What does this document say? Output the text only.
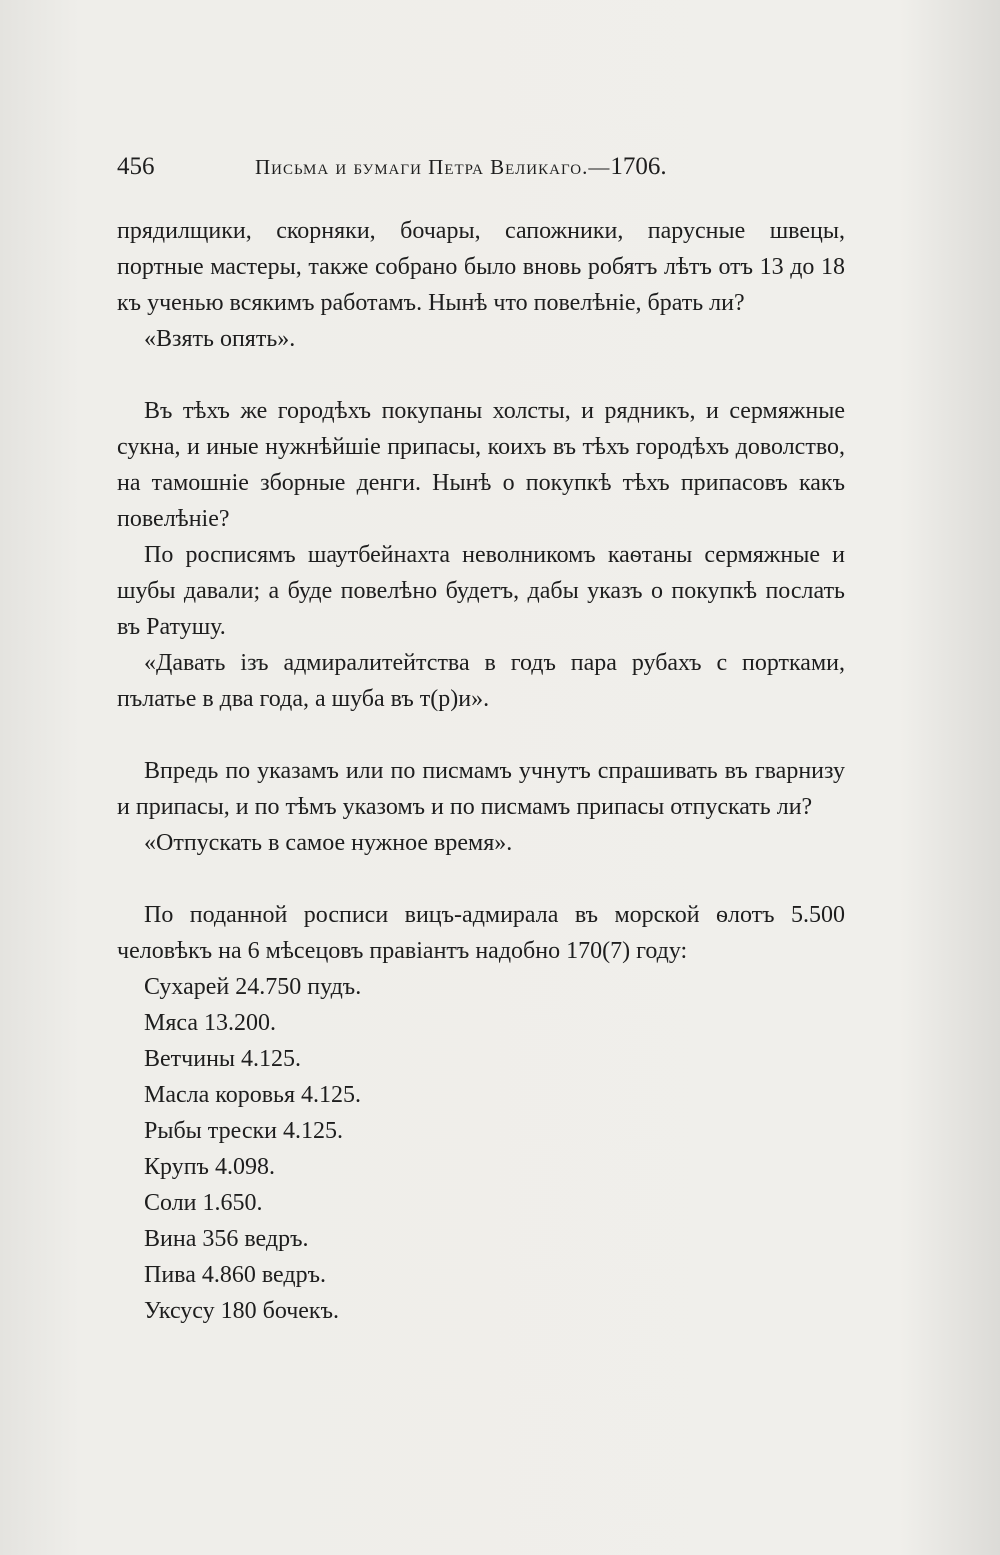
456	Письма и бумаги Петра Великаго.—1706.

прядилщики, скорняки, бочары, сапожники, парусные швецы, портные мастеры, также собрано было вновь робятъ лѣтъ отъ 13 до 18 къ ученью всякимъ работамъ. Нынѣ что повелѣніе, брать ли?

«Взять опять».

Въ тѣхъ же городѣхъ покупаны холсты, и рядникъ, и сермяжные сукна, и иные нужнѣйшіе припасы, коихъ въ тѣхъ городѣхъ доволство, на тамошніе зборные денги. Нынѣ о покупкѣ тѣхъ припасовъ какъ повелѣніе?

По росписямъ шаутбейнахта неволникомъ каѳтаны сермяжные и шубы давали; а буде повелѣно будетъ, дабы указъ о покупкѣ послать въ Ратушу.

«Давать iзъ адмиралитейтства в годъ пара рубахъ с портками, пълатье в два года, а шуба въ т(р)и».

Впредь по указамъ или по писмамъ учнутъ спрашивать въ гварнизу и припасы, и по тѣмъ указомъ и по писмамъ припасы отпускать ли?

«Отпускать в самое нужное время».

По поданной росписи вицъ-адмирала въ морской ѳлотъ 5.500 человѣкъ на 6 мѣсецовъ правіантъ надобно 170(7) году:

Сухарей 24.750 пудъ.

Мяса 13.200.

Ветчины 4.125.

Масла коровья 4.125.

Рыбы трески 4.125.

Крупъ 4.098.

Соли 1.650.

Вина 356 ведръ.

Пива 4.860 ведръ.

Уксусу 180 бочекъ.
